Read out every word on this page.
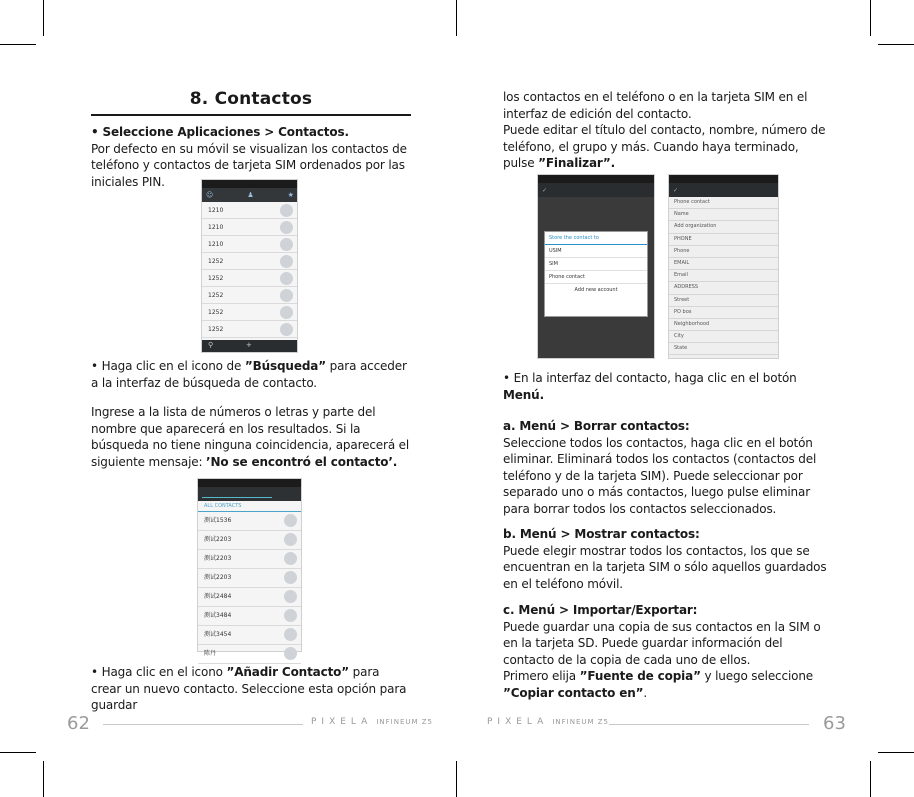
8. Contactos
• Seleccione Aplicaciones > Contactos.
Por defecto en su móvil se visualizan los contactos de teléfono y contactos de tarjeta SIM ordenados por las iniciales PIN.
☺	♟	★
1210
1210
1210
1252
1252
1252
1252
1252
⚲	+
• Haga clic en el icono de ”Búsqueda” para acceder a la interfaz de búsqueda de contacto.
Ingrese a la lista de números o letras y parte del nombre que aparecerá en los resultados. Si la búsqueda no tiene ninguna coincidencia, aparecerá el siguiente mensaje: ’No se encontró el contacto’.
ALL CONTACTS
测试1536
测试2203
测试2203
测试2203
测试2484
测试3484
测试3454
陈丹
• Haga clic en el icono ”Añadir Contacto” para crear un nuevo contacto. Seleccione esta opción para guardar
62	PIXELA INFINEUM Z5
los contactos en el teléfono o en la tarjeta SIM en el interfaz de edición del contacto.
Puede editar el título del contacto, nombre, número de teléfono, el grupo y más. Cuando haya terminado, pulse ”Finalizar”.
✓
Store the contact to
USIM
SIM
Phone contact
Add new account
✓
Phone contact
Name
Add organization
PHONE
Phone
EMAIL
Email
ADDRESS
Street
PO box
Neighborhood
City
State
• En la interfaz del contacto, haga clic en el botón Menú.
a. Menú > Borrar contactos:
Seleccione todos los contactos, haga clic en el botón eliminar. Eliminará todos los contactos (contactos del teléfono y de la tarjeta SIM). Puede seleccionar por separado uno o más contactos, luego pulse eliminar para borrar todos los contactos seleccionados.
b. Menú > Mostrar contactos:
Puede elegir mostrar todos los contactos, los que se encuentran en la tarjeta SIM o sólo aquellos guardados en el teléfono móvil.
c. Menú > Importar/Exportar:
Puede guardar una copia de sus contactos en la SIM o en la tarjeta SD. Puede guardar información del contacto de la copia de cada uno de ellos.
Primero elija ”Fuente de copia” y luego seleccione ”Copiar contacto en”.
PIXELA INFINEUM Z5	63
